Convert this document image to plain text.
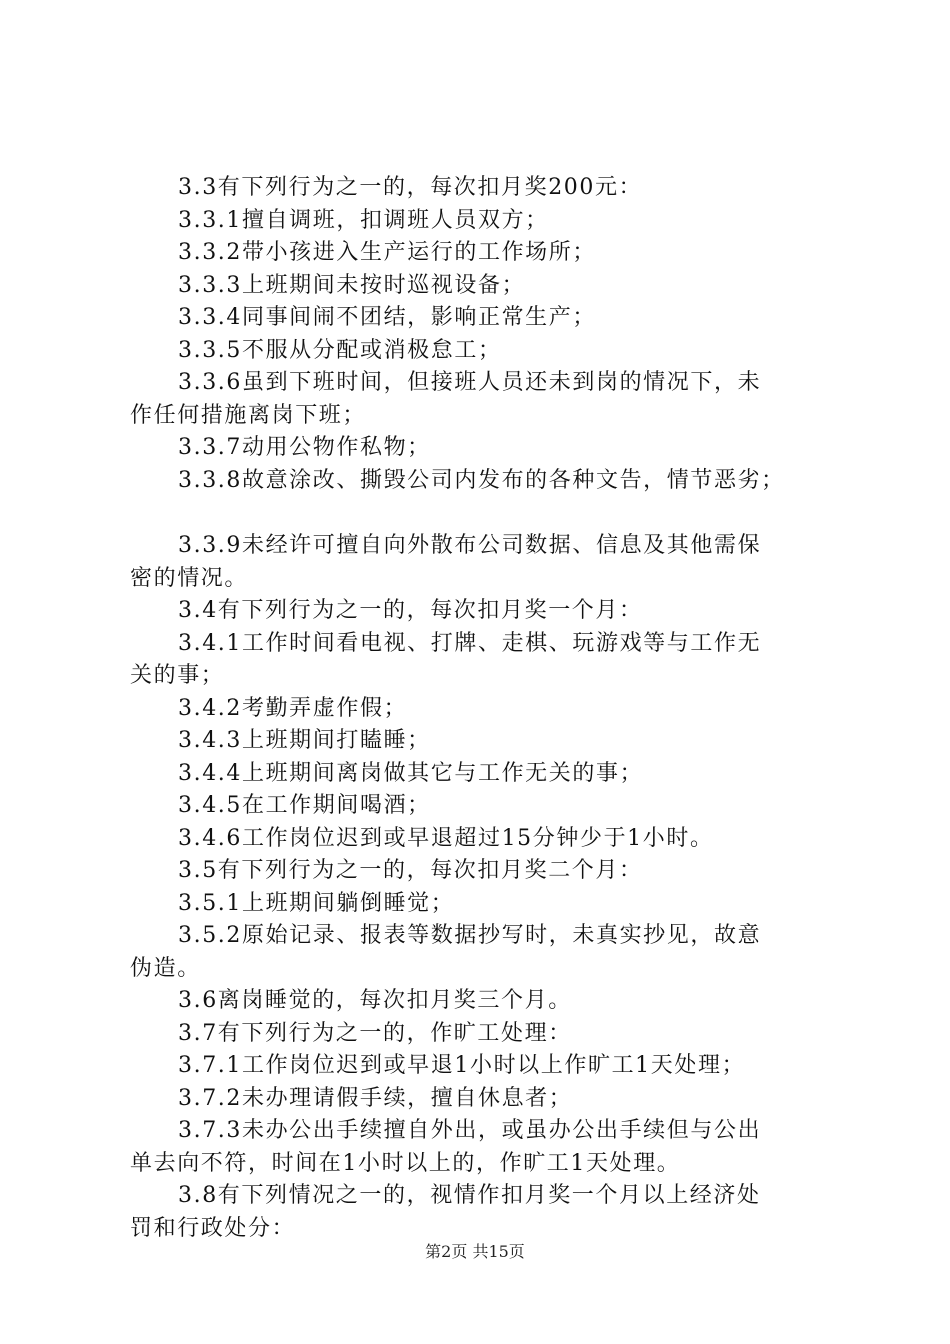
3.3有下列行为之一的，每次扣月奖200元：
3.3.1擅自调班，扣调班人员双方；
3.3.2带小孩进入生产运行的工作场所；
3.3.3上班期间未按时巡视设备；
3.3.4同事间闹不团结，影响正常生产；
3.3.5不服从分配或消极怠工；
3.3.6虽到下班时间，但接班人员还未到岗的情况下，未
作任何措施离岗下班；
3.3.7动用公物作私物；
3.3.8故意涂改、撕毁公司内发布的各种文告，情节恶劣；
3.3.9未经许可擅自向外散布公司数据、信息及其他需保
密的情况。
3.4有下列行为之一的，每次扣月奖一个月：
3.4.1工作时间看电视、打牌、走棋、玩游戏等与工作无
关的事；
3.4.2考勤弄虚作假；
3.4.3上班期间打瞌睡；
3.4.4上班期间离岗做其它与工作无关的事；
3.4.5在工作期间喝酒；
3.4.6工作岗位迟到或早退超过15分钟少于1小时。
3.5有下列行为之一的，每次扣月奖二个月：
3.5.1上班期间躺倒睡觉；
3.5.2原始记录、报表等数据抄写时，未真实抄见，故意
伪造。
3.6离岗睡觉的，每次扣月奖三个月。
3.7有下列行为之一的，作旷工处理：
3.7.1工作岗位迟到或早退1小时以上作旷工1天处理；
3.7.2未办理请假手续，擅自休息者；
3.7.3未办公出手续擅自外出，或虽办公出手续但与公出
单去向不符，时间在1小时以上的，作旷工1天处理。
3.8有下列情况之一的，视情作扣月奖一个月以上经济处
罚和行政处分：
第2页 共15页
